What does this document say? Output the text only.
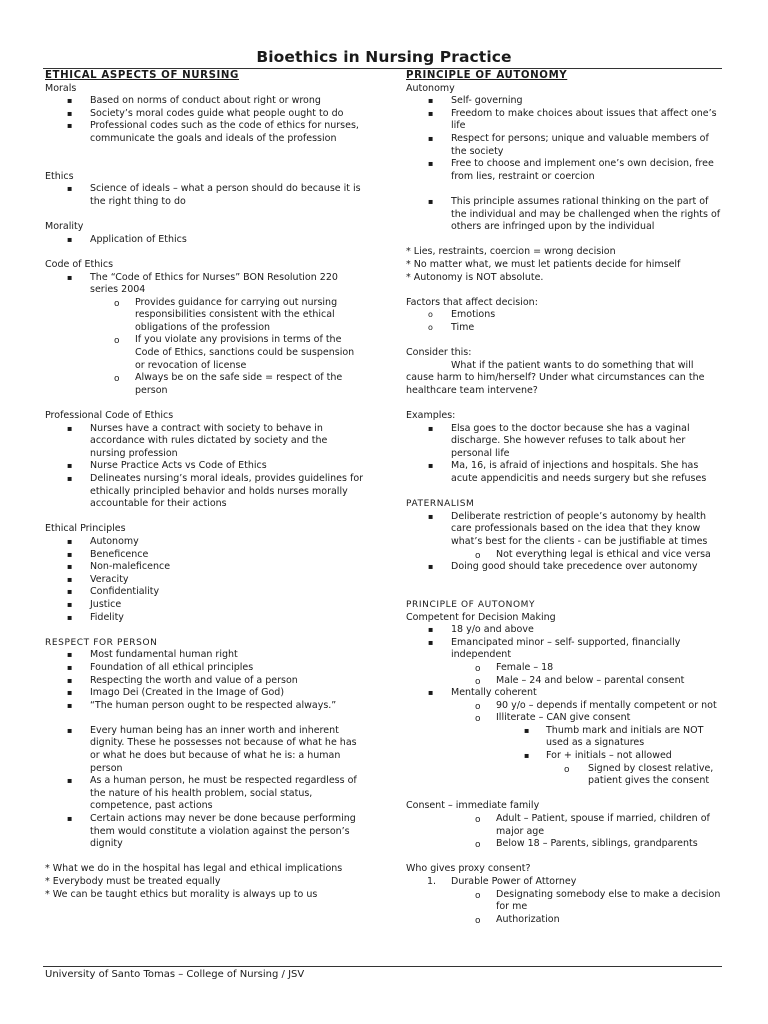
Bioethics in Nursing Practice
ETHICAL ASPECTS OF NURSING
Morals
▪ Based on norms of conduct about right or wrong
▪ Society’s moral codes guide what people ought to do
▪ Professional codes such as the code of ethics for nurses, communicate the goals and ideals of the profession
Ethics
▪ Science of ideals – what a person should do because it is the right thing to do
Morality
▪ Application of Ethics
Code of Ethics
▪ The “Code of Ethics for Nurses” BON Resolution 220 series 2004
o Provides guidance for carrying out nursing responsibilities consistent with the ethical obligations of the profession
o If you violate any provisions in terms of the Code of Ethics, sanctions could be suspension or revocation of license
o Always be on the safe side = respect of the person
Professional Code of Ethics
▪ Nurses have a contract with society to behave in accordance with rules dictated by society and the nursing profession
▪ Nurse Practice Acts vs Code of Ethics
▪ Delineates nursing’s moral ideals, provides guidelines for ethically principled behavior and holds nurses morally accountable for their actions
Ethical Principles
▪ Autonomy
▪ Beneficence
▪ Non-maleficence
▪ Veracity
▪ Confidentiality
▪ Justice
▪ Fidelity
RESPECT FOR PERSON
▪ Most fundamental human right
▪ Foundation of all ethical principles
▪ Respecting the worth and value of a person
▪ Imago Dei (Created in the Image of God)
▪ “The human person ought to be respected always.”
▪ Every human being has an inner worth and inherent dignity. These he possesses not because of what he has or what he does but because of what he is: a human person
▪ As a human person, he must be respected regardless of the nature of his health problem, social status, competence, past actions
▪ Certain actions may never be done because performing them would constitute a violation against the person’s dignity
* What we do in the hospital has legal and ethical implications
* Everybody must be treated equally
* We can be taught ethics but morality is always up to us
PRINCIPLE OF AUTONOMY
Autonomy
▪ Self- governing
▪ Freedom to make choices about issues that affect one’s life
▪ Respect for persons; unique and valuable members of the society
▪ Free to choose and implement one’s own decision, free from lies, restraint or coercion
▪ This principle assumes rational thinking on the part of the individual and may be challenged when the rights of others are infringed upon by the individual
* Lies, restraints, coercion = wrong decision
* No matter what, we must let patients decide for himself
* Autonomy is NOT absolute.
Factors that affect decision:
o Emotions
o Time
Consider this:
What if the patient wants to do something that will cause harm to him/herself? Under what circumstances can the healthcare team intervene?
Examples:
▪ Elsa goes to the doctor because she has a vaginal discharge. She however refuses to talk about her personal life
▪ Ma, 16, is afraid of injections and hospitals. She has acute appendicitis and needs surgery but she refuses
PATERNALISM
▪ Deliberate restriction of people’s autonomy by health care professionals based on the idea that they know what’s best for the clients - can be justifiable at times
o Not everything legal is ethical and vice versa
▪ Doing good should take precedence over autonomy
PRINCIPLE OF AUTONOMY
Competent for Decision Making
▪ 18 y/o and above
▪ Emancipated minor – self- supported, financially independent
o Female – 18
o Male – 24 and below – parental consent
▪ Mentally coherent
o 90 y/o – depends if mentally competent or not
o Illiterate – CAN give consent
▪ Thumb mark and initials are NOT used as a signatures
▪ For + initials – not allowed
o Signed by closest relative, patient gives the consent
Consent – immediate family
o Adult – Patient, spouse if married, children of major age
o Below 18 – Parents, siblings, grandparents
Who gives proxy consent?
1. Durable Power of Attorney
o Designating somebody else to make a decision for me
o Authorization
University of Santo Tomas – College of Nursing / JSV
